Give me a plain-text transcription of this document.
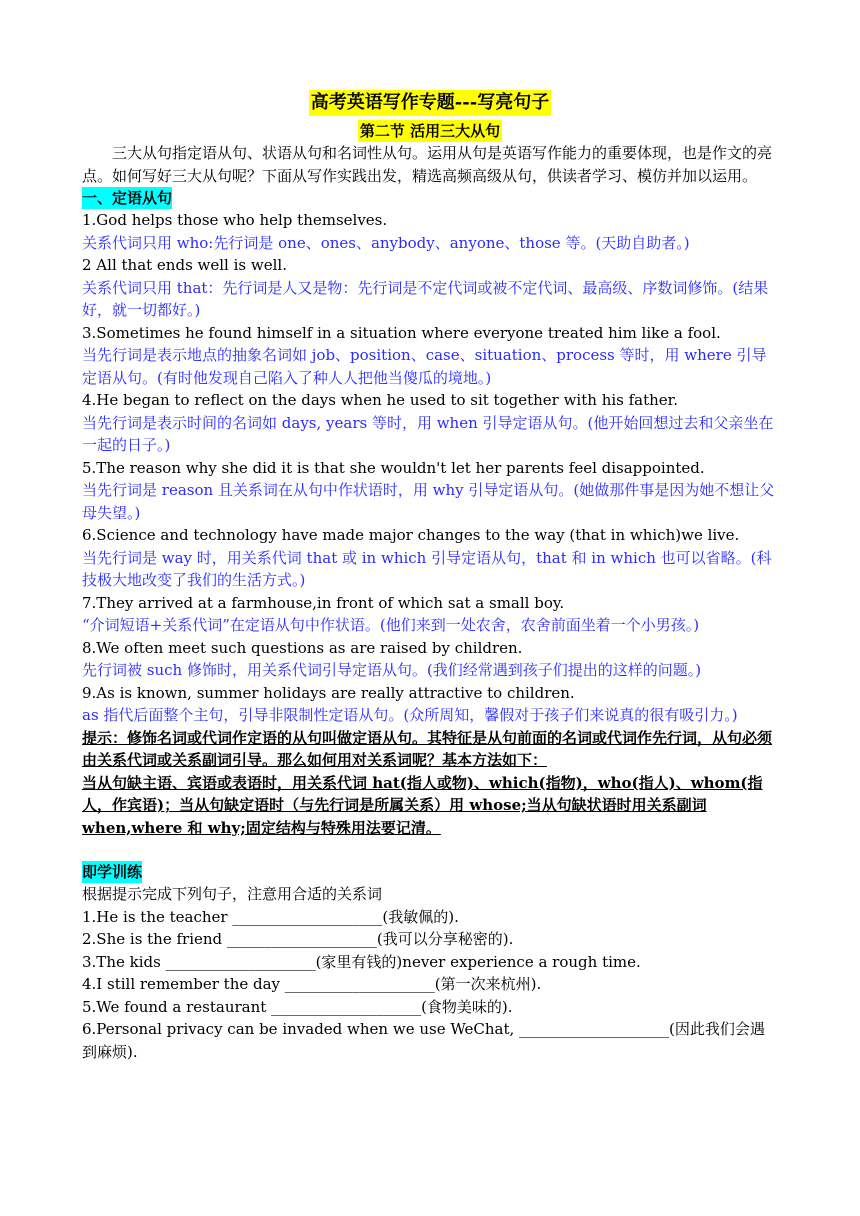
高考英语写作专题---写亮句子
第二节 活用三大从句

三大从句指定语从句、状语从句和名词性从句。运用从句是英语写作能力的重要体现，也是作文的亮点。如何写好三大从句呢？下面从写作实践出发，精选高频高级从句，供读者学习、模仿并加以运用。

一、定语从句

1.God helps those who help themselves.

关系代词只用 who:先行词是 one、ones、anybody、anyone、those 等。(天助自助者。)

2 All that ends well is well.

关系代词只用 that：先行词是人又是物：先行词是不定代词或被不定代词、最高级、序数词修饰。(结果好，就一切都好。)

3.Sometimes he found himself in a situation where everyone treated him like a fool.

当先行词是表示地点的抽象名词如 job、position、case、situation、process 等时，用 where 引导定语从句。(有时他发现自己陷入了种人人把他当傻瓜的境地。)

4.He began to reflect on the days when he used to sit together with his father.

当先行词是表示时间的名词如 days, years 等时，用 when 引导定语从句。(他开始回想过去和父亲坐在一起的日子。)

5.The reason why she did it is that she wouldn't let her parents feel disappointed.

当先行词是 reason 且关系词在从句中作状语时，用 why 引导定语从句。(她做那件事是因为她不想让父母失望。)

6.Science and technology have made major changes to the way (that in which)we live.

当先行词是 way 时，用关系代词 that 或 in which 引导定语从句，that 和 in which 也可以省略。(科技极大地改变了我们的生活方式。)

7.They arrived at a farmhouse,in front of which sat a small boy.

“介词短语+关系代词”在定语从句中作状语。(他们来到一处农舍，农舍前面坐着一个小男孩。)

8.We often meet such questions as are raised by children.

先行词被 such 修饰时，用关系代词引导定语从句。(我们经常遇到孩子们提出的这样的问题。)

9.As is known, summer holidays are really attractive to children.

as 指代后面整个主句，引导非限制性定语从句。(众所周知，馨假对于孩子们来说真的很有吸引力。)

提示：修饰名词或代词作定语的从句叫做定语从句。其特征是从句前面的名词或代词作先行词，从句必须由关系代词或关系副词引导。那么如何用对关系词呢？基本方法如下：

当从句缺主语、宾语或表语时，用关系代词 hat(指人或物)、which(指物)，who(指人)、whom(指人，作宾语)；当从句缺定语时（与先行词是所属关系）用 whose;当从句缺状语时用关系副词 when,where 和 why;固定结构与特殊用法要记清。

即学训练

根据提示完成下列句子，注意用合适的关系词

1.He is the teacher ____________________(我敏佩的).

2.She is the friend ____________________(我可以分享秘密的).

3.The kids ____________________(家里有钱的)never experience a rough time.

4.I still remember the day ____________________(第一次来杭州).

5.We found a restaurant ____________________(食物美味的).

6.Personal privacy can be invaded when we use WeChat, ____________________(因此我们会遇到麻烦).
